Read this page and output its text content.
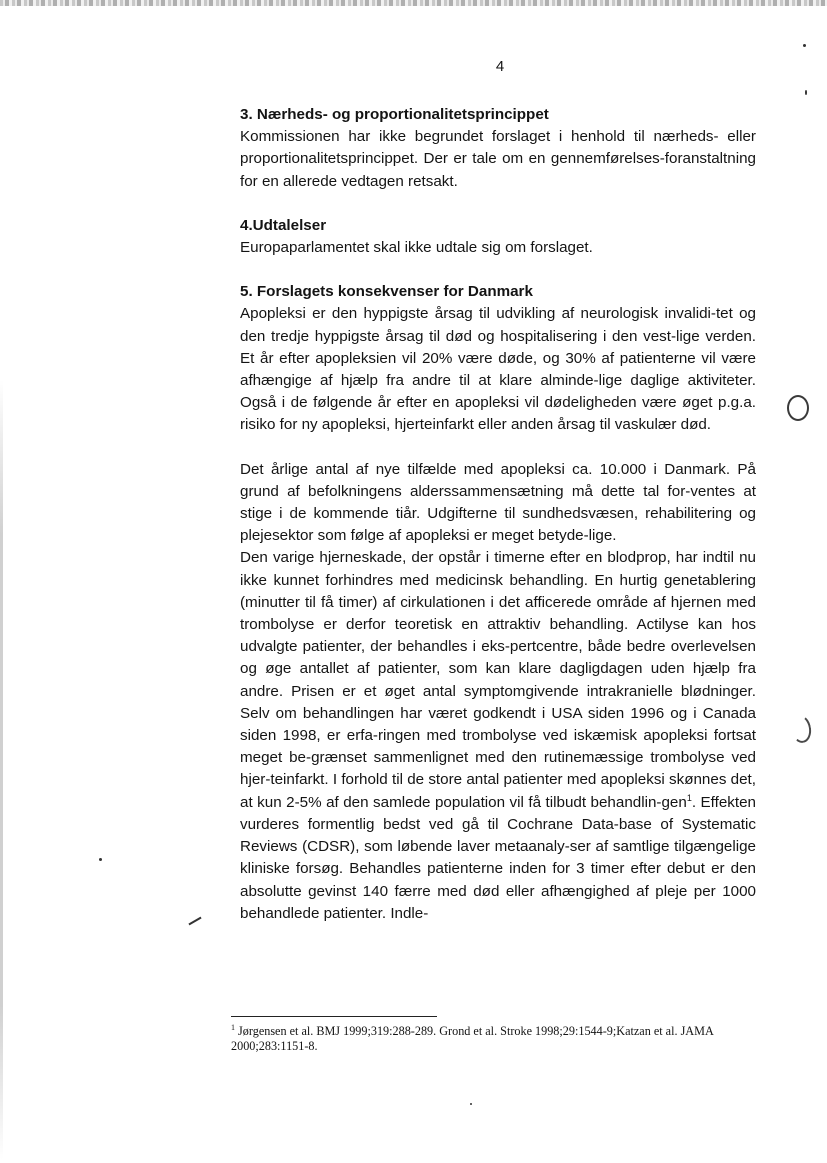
4

3. Nærheds- og proportionalitetsprincippet

Kommissionen har ikke begrundet forslaget i henhold til nærheds- eller proportionalitetsprincippet. Der er tale om en gennemførelses-foranstaltning for en allerede vedtagen retsakt.

4.Udtalelser

Europaparlamentet skal ikke udtale sig om forslaget.

5. Forslagets konsekvenser for Danmark

Apopleksi er den hyppigste årsag til udvikling af neurologisk invalidi-tet og den tredje hyppigste årsag til død og hospitalisering i den vest-lige verden. Et år efter apopleksien vil 20% være døde, og 30% af patienterne vil være afhængige af hjælp fra andre til at klare alminde-lige daglige aktiviteter. Også i de følgende år efter en apopleksi vil dødeligheden være øget p.g.a. risiko for ny apopleksi, hjerteinfarkt eller anden årsag til vaskulær død.

Det årlige antal af nye tilfælde med apopleksi ca. 10.000 i Danmark. På grund af befolkningens alderssammensætning må dette tal for-ventes at stige i de kommende tiår. Udgifterne til sundhedsvæsen, rehabilitering og plejesektor som følge af apopleksi er meget betyde-lige.

Den varige hjerneskade, der opstår i timerne efter en blodprop, har indtil nu ikke kunnet forhindres med medicinsk behandling. En hurtig genetablering (minutter til få timer) af cirkulationen i det afficerede område af hjernen med trombolyse er derfor teoretisk en attraktiv behandling. Actilyse kan hos udvalgte patienter, der behandles i eks-pertcentre, både bedre overlevelsen og øge antallet af patienter, som kan klare dagligdagen uden hjælp fra andre. Prisen er et øget antal symptomgivende intrakranielle blødninger. Selv om behandlingen har været godkendt i USA siden 1996 og i Canada siden 1998, er erfa-ringen med trombolyse ved iskæmisk apopleksi fortsat meget be-grænset sammenlignet med den rutinemæssige trombolyse ved hjer-teinfarkt. I forhold til de store antal patienter med apopleksi skønnes det, at kun 2-5% af den samlede population vil få tilbudt behandlin-gen$^1$. Effekten vurderes formentlig bedst ved gå til Cochrane Data-base of Systematic Reviews (CDSR), som løbende laver metaanaly-ser af samtlige tilgængelige kliniske forsøg. Behandles patienterne inden for 3 timer efter debut er den absolutte gevinst 140 færre med død eller afhængighed af pleje per 1000 behandlede patienter. Indle-

$^1$ Jørgensen et al. BMJ 1999;319:288-289. Grond et al. Stroke 1998;29:1544-9;Katzan et al. JAMA 2000;283:1151-8.
